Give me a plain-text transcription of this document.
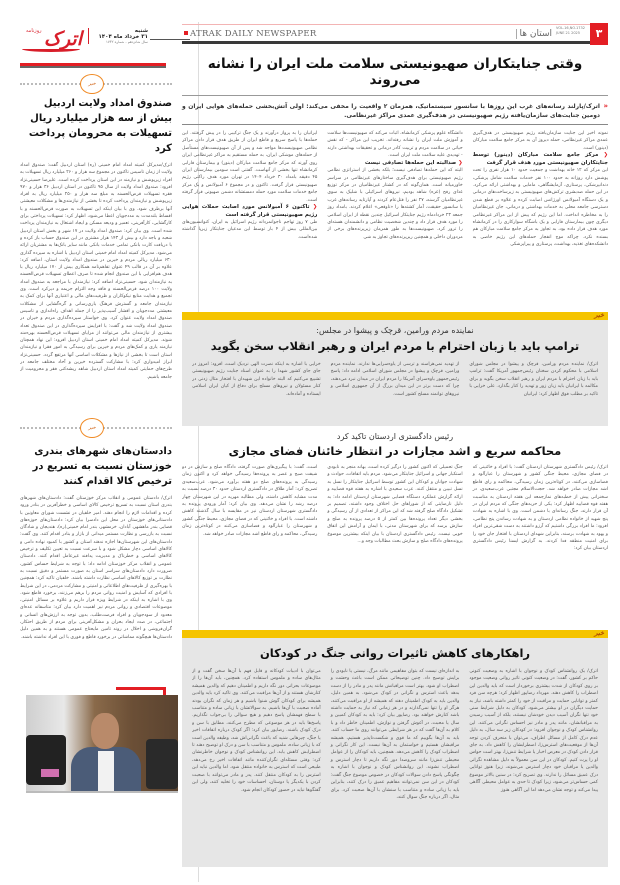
ATRAK DAILY NEWSPAPER	استان ها
VOL.16,NO.1732
JUNE 21 2025	۳
وقتی جنایتکاران صهیونیستی سلامت ملت ایران را نشانه می‌روند
«
اترک/پارلند رسانه‌های غرب این روزها با سانسور سیستماتیک، همزمان ۲ واقعیت را مخفی می‌کند: اولی آتش‌بخشی حمله‌های هوایی ایران و دومین جنایت‌های سازمان‌یافته رژیم صهیونیستی در هدف‌گیری عمدی مراکز غیرنظامی.
نمونه اخیر این جنایت سازمان‌یافته رژیم صهیونیستی در هدف‌گیری عمدی مراکز غیرنظامی، حمله دیروز آن به مرکز جامع سلامت مبارکان (دینور) است.
❮ مرکز جامع سلامت مبارکان (دینور) توسط جنایتکاران صهیونیستی مورد هدف قرار گرفت
این مرکز که ۱۲ خانه بهداشت و جمعیت حدود ۱۰ هزار نفری را تحت پوشش دارد روزانه به حدود ۱۰۰ نفر خدمات سلامت شامل پزشکی، دندانپزشکی، پرستاری، آزمایشگاهی، مامایی و بهداشتی ارائه می‌کرد. در این حمله ضدبشری ترکش‌های صهیونیستی به زیرساخت‌های درمانی و یک دستگاه آمبولانس اورژانس اصابت کرده و علاوه بر قطع شدن دسترسی جامعه محلی به خدمات بهداشتی و درمانی، جان غیرنظامیان را به مخاطره انداخت. اما این رژیم که پیش از این مراکز غیرنظامی دیگری چون بیمارستان فارابی و یک باشگاه سوارکاری را در کرمانشاه مورد هدف قرار داده بود، به تجاوز به مرکز جامع سلامت مبارکان هم بسنده نکرد. چراکه موج انفجار حمله‌های این رژیم خاصی به دانشکده‌های تغذیه، بهداشت، پرستاری و پیراپزشکی
دانشگاه علوم پزشکی کرمانشاه، اثبات می‌کند که صهیونیست‌ها سلامت و آموزش ملت ایران را نشانه رفته‌اند. تخریب این مراکز - که نقش حیاتی در سلامت مردم و تربیت کادر درمانی و تحقیقات بهداشتی دارند - تهدیدی علیه سلامت ملت ایران است.
❮ صدالبته این حمله‌ها تصادفی نیست
البته که این حمله‌ها تصادفی نیست؛ بلکه بخشی از استراتژی نظامی رژیم صهیونیستی برای هدف‌گیری ساختارهای غیرنظامی در سراسر خاورمیانه است. همان‌گونه که در کشتار غیرنظامیان در مرکز توزیع غذای رفح (غزه) شاهد بودیم، نیروهای اسرائیلی با شلیک به سوی غیرنظامیان گرسنه، ۲۷ نفر را قتل‌عام کردند و آپارتاید رسانه‌های غرب با سانسور حقیقت، آمار کشته‌ها را «ناوقعی» اعلام کردند. بامداد روز جمعه ۲۳ خردادماه رژیم جنایتکار اسرائیل چندین نقطه از ایران اسلامی را مورد هدف قرار داد و چندین شخصیت نظامی و دانشمندان هسته‌ای را ترور کرد. صهیونیست‌ها به طور همزمان زیرپرنده‌های برخی از مزدوران داخلی و همچنین ریزپرنده‌های تجاوز به شی
ایرانیان را به پرواز درآورند و یک جنگ ترکیبی را در پیش گرفتند. این حمله‌ها با پاسخ سریع و قاطع ایران از طریق هدف قرار دادن مراکز نظامی صهیونیست‌ها مواجه شد و پس از آن صهیونیست‌های مستأصل از حمله‌های موشکی ایران، به حمله مستقیم به مراکز غیرنظامی ایران روی آورند که مرکز جامع سلامت مبارکان (دینور) و بیمارستان فارابی کرمانشاه تنها بخشی از آنهاست. گفتنی است سومین بیمارستان ایران ۴۵ دقیقه بامداد ۳۰ خرداد ۱۴۰۴ در تهران مورد هدف راکتی رژیم صهیونیستی قرار گرفت. تاکنون و در مجموع ۶ آمبولانس و یک مرکز جامع خدمات سلامت مورد حمله دمستشانه دشمن صهیونی قرار گرفته است.
❮ تاکنون ۶ آمبولانس مورد اصابت حملات هوایی رژیم صهیونیستی قرار گرفته است
طی ۷ روز تهاجم ناجوانمردانه رژیم اسرائیل به ایران، کنوانسیون‌های بین‌المللی بیش از ۴ بار توسط این مدعیان جنایتکار زیرپا گذاشته شده‌است.
خبر
نماینده مردم ورامین، قرچک و پیشوا در مجلس:
ترامپ باید با زبان احترام با مردم ایران و رهبر انقلاب سخن بگوید
اترک/ نماینده مردم ورامین، قرچک و پیشوا در مجلس شورای اسلامی با محکوم کردن سخنان رئیس‌جمهور آمریکا گفت: ترامپ باید با زبان احترام با مردم ایران و رهبر انقلاب سخن بگوید و برای مکالمه با ایرانیان باید زبان زور و تهدید را کنار بگذارد. علی خزایی با تاکید بر مطلب فوق اظهار کرد: ایرانیان
از تهدید نمی‌هراسند و ترسی از یاوه‌سرایی‌ها ندارند. نماینده مردم ورامین، قرچک و پیشوا در مجلس شورای اسلامی ادامه داد: پاسخ رئیس‌جمهور یاوه‌سرای آمریکا را مردم ایران در میدان نبرد می‌دهند، چرا که دست برتر در این میدان بزرگ از آن جمهوری اسلامی و نیروهای توانمند مسلح کشور است.
خزایی با اشاره به اینکه نصرت الهی نزدیک است، افزود: امروز در جای جای کشور شهدا را به عنوان اسناد جنایت رژیم صهیونیستی تشییع می‌کنیم که البته خانواده این شهیدان با افتخار مثال زدنی در کنار مسئولان و نیروهای مسلح برای دفاع از کیان ایران اسلامی ایستاده و آماده‌اند.
رئیس دادگستری اردستان تاکید کرد
محاکمه سریع و اشد مجازات در انتظار خائنان فضای مجازی
اترک/ رئیس دادگستری شهرستان اردستان گفت: با افراد و خائنینی که در فضای مجازی، محیط جنگی کشور و شهرستان را عبارآلود و فضاسازی می‌کنند، در کوتاه‌ترین زمان رسیدگی، محاکمه و رای قاطع اشد مجازات صادر خواهد شد. حجت‌الاسلام مجتبی عرب‌سعیدی، در سخنرانی پیش از خطبه‌های نمازجمعه این هفته اردستان به مناسبت هفته قوه قضاییه اظهار کرد: یکی از حربه‌های جنگی که مردم ایران در آن قرار دارند، جنگ رسانه‌ای با دشمن است. وی با اشاره به شهادت پنج شهید از خانواده نظامی اردستان و به شهادت رساندن پنج نظامی، افزود: ما افراد بزرگی داشتیم که آرزو داشتند به دست شقی‌ترین افراد و یهود به شهادت برسند، بنابراین شهدای اردستان با افتخار جان خود را برای امنیت منطقه فدا کردند. به گزارش ایسنا رئیس دادگستری اردستان بیان کرد:
جنگ تحمیلی که اکنون کشور را درگیر کرده است، بهانه منجر به نابودی استکبار جهانی و اسرائیل جنایتکار می‌شود. مردم باید اتفاقات، حوادث و شهادت جوانان و کودکان این کشور توسط اسرائیل جنایتکار را نسل به نسل تبیین و منتقل کنند. عرب سعیدی با اشاره به هفته قوه قضاییه و ارائه گزارش عملکرد دستگاه قضایی شهرستان اردستان ادامه داد: به دلیل نارضایتی که از شوراهای حل اختلاف وجود داشته، تصمیم بر تشکیل دادگاه صلح گرفته شد که این مراکز از تعدادی از آن رسیدگی و بخشی دیگر تعداد پرونده‌ها بین کمتر از ۵ درصد پرونده به صلح و سازش برسد که برای شهرستان مدنی، با ایمان و آرامش این اتفاق خوبی نیست. رئیس دادگستری اردستان با بیان اینکه بیشترین موضوع پرونده‌های دادگاه صلح و سازش بحث مطالبات وجه و...
است، گفت: با پیگیری‌های صورت گرفته، دادگاه صلح و سازش در دو شیفت صبح و عصر به پرونده‌ها رسیدگی خواهد کرد و اکنون زمان رسیدگی به پرونده‌های صلح دو هفته برآورد می‌شود. عرب‌سعیدی تصریح کرد: آمار طلاق در دادگستری اردستان حدود ۳۰ درصد نسبت به مدت مشابه کاهش داشته، ولی مطالبه مهریه در این شهرستان چهار درصد رشد را نشان می‌دهد. وی بیان کرد: آمار ورودی پرونده به دادگستری شهرستان اردستان نیز در مقایسه با سال گذشته کاهش داشته است. با افراد و خائنینی که در فضای مجازی، محیط جنگی کشور و شهرستان را عبارآلود و فضاسازی می‌کنند در کوتاه‌ترین زمان رسیدگی، محاکمه و رای قاطع اشد مجازات صادر خواهد شد.
خبر
راهکارهای کاهش تاثیرات روانی جنگ در کودکان
اترک/ یک روانشناس کودک و نوجوان با اشاره به وضعیت کنونی حاکم بر کشور، گفت: در وضعیت کنونی تاثیر روانی وضعیت موجود بر روی کودکان از شدت بیشتری برخوردار است که باید والدین این اضطراب را کاهش دهند. مهرداد رضاپور اظهار کرد: هرچه سن فرد کمتر و توانایی حمایت و مراقبت از خود را کمتر داشته باشد، نیاز به حمایت دیگران در او بیشتر می‌شود. کودکان به دلیل شرایط سنی خود تنها نگران آسیب دیدن خودشان نیستند، بلکه از آسیب رسیدن به مراقبانشان، مانند پدر و مادر نیز احساس نگرانی می‌کنند. این روانشناس کودک و نوجوان افزود: در کودکان زیر سه سال، به دلیل عدم درک کامل از مسائل اطراف، می‌توان با منحرف کردن توجه آن‌ها از موقعیت‌های استرس‌زا، اضطرابشان را کاهش داد. به جای قرار دادن کودک در معرض اخبار یا شرایط تنش‌زا، بهتر است حواس او را پرت کنیم. کودکان در این سن معمولاً به دلیل مشاهده نگرانی والدین یا مراقبان خود دچار استرس می‌شوند، زیرا هنوز توانایی درک عمیق مسائل را ندارند. وی تصریح کرد: در سنین بالاتر موضوع کمی حساس‌تر می‌شود، زیرا کودک تا حدی به عوامل محیطی آگاهی پیدا می‌کند و توجه نشان می‌دهد اما این آگاهی هنوز
به اندازه‌ای نیست که بتوان مفاهیمی مانند مرگ، نیستی یا نابودی را برایش توضیح داد. چنین توضیحاتی ممکن است باعث وحشت و اضطراب او شود. بهتر است مراقبانش مانند پدر و مادر را از دست بدهد باعث استرس و نگرانی در کودک می‌شود. به همین دلیل، والدین باید به کودک اطمینان دهند که همیشه از او مراقبت می‌کنند، هرگز او را تنها نمی‌گذارند و در هر زمانی که نیاز به حمایت داشته باشد کنارش خواهند بود. رضاپور بیان کرد: باید به کودکان کمبین و سال یا محبت، در آغوش گرفتن و نوازش، اطمینان خاطر داد و با کلام به آن‌ها گفت که در هر شرایطی می‌توانند روی ما حساب کنند. باید به آن‌ها بگوییم که ما قوی و شکست‌ناپذیر هستیم، همیشه مراقبشان هستیم و خواستمان به آن‌ها نیست. این کار نگرانی و اضطراب کودک را کاهش می‌دهد. همچنین، باید کودکان را از عوامل محیطی تنش‌زا مانند سروصدا دور نگه داریم تا دچار استرس و اضطراب نشوند. این روانشناس کودک و نوجوان با اشاره به چگونگی پاسخ دادن سوالات کودکان در خصوص موضوع جنگ گفت: کودکان در این سن نمی‌توانند مفاهیم عمیق را درک کنند، بنابراین باید با زبانی ساده و متناسب با سنشان با آن‌ها صحبت کرد. برای مثال، اگر درباره جنگ سوال کنند،
می‌توان با ادبیات کودکانه و قابل فهم با آن‌ها سخن گفت و از مثال‌های ساده و ملموس استفاده کرد. همچنین، باید آن‌ها را از موضوعات بحرانی دور نگه داریم و اطمینان دهیم که والدین همیشه کنارشان هستند و از آن‌ها مراقبت می‌کنند. وی تاکید کرد باید والدین همیشه برای کودکان گوش شنوا باشیم و هر زمان که نگران بودند آماده صحبت با آن‌ها باشیم. به سوالاتشان با زبانی ساده و متناسب با سطح فهمشان پاسخ دهیم و هیچ سوالی را بی‌جواب نگذاریم. پاسخ‌ها باید در هر موضوعی که مطرح می‌کنند، مطابق با سن و درک کودک باشند. رضاپور بیان کرد: اگر کودک درباره اتفاقات اخیر یا جنگ، چیزهایی شنید که باعث نگرانی‌اش شد، وظیفه والدین است که با زبانی ساده، ملموس و متناسب با سن و درک او توضیح دهند تا اضطرابش کاهش یابد. این روانشناس کودک و نوجوان خاطرنشان کرد: وقتی مسئله‌ای نگران‌کننده مانند اتفاقات اخیر رخ می‌دهد، طبیعی است که استرس به خانواده منتقل شود. اما والدین نباید این استرس را به کودکان منتقل کنند. پدر و مادر می‌توانند با صحبت کردن با یکدیگر یا دوستان، احساسات خود را تخلیه کنند، ولی این گفتگوها نباید در حضور کودکان انجام شود.
روزنامه اترک	شنبه
۳۱ خرداد ماه ۱۴۰۴
سال شانزدهم - شماره ۱۷۳۲
خبر
صندوق امداد ولایت اردبیل بیش از سه هزار میلیارد ریال تسهیلات به محرومان پرداخت کرد
اترک/مدیرکل کمیته امداد امام خمینی (ره) استان اردبیل گفت: صندوق امداد ولایت از زمان تاسیس تاکنون در مجموع سه هزار و ۲۶۰ میلیارد ریال تسهیلات به افراد زیرپوشش و نیازمند در این استان پرداخت کرده است. علیرضا حسینی‌نژاد افزود: صندوق امداد ولایت از سال ۹۵ تاکنون در استان اردبیل ۳۶ هزار و ۹۷۰ فقره تسهیلات قرض‌الحسنه به مبلغ سه هزار و ۲۵۰ میلیارد ریال به افراد زیرپوشش و نیازمندان پرداخت کرده تا بخشی از نیازمندی‌ها و مشکلات معیشتی آنها برطرف شود. وی با بیان اینکه این تسهیلات به صورت قرض‌الحسنه و با اقساط بلندمدت به مددجویان اعطا می‌شود، اظهار کرد: تسهیلات پرداختی برای کارگشایی، کارآفرینی، تعمیر و ودیعه مسکن و ایجاد اشتغال به نیازمندان پرداخت شده است. وی بیان کرد: صندوق امداد ولایت در ۱۷ شهر و بخش استان اردبیل شعبه و باجه دارد و بیش از ۱۴۳ هزار مشتری در این صندوق حساب باز کرده و با دریافت کارت بانکی تمامی خدمات بانکی مانند سایر بانک‌ها به مشتریان ارائه می‌شود. مدیرکل کمیته امداد امام خمینی استان اردبیل با اشاره به سپرده گذاری ۶۳۰ میلیارد ریالی مردم و خیرین در صندوق امداد ولایت استان، اضافه کرد: علاوه بر آن در قالب ۴۹ عنوان تفاهم‌نامه همکاری بیش از ۱۷۰ میلیارد ریال با هدف هم‌افزایی با این صندوق انجام شده تا صرف اعطای تسهیلات قرض‌الحسنه به نیازمندان شود. حسینی‌نژاد اضافه کرد: نیازمندان با مراجعه به صندوق امداد ولایت ۱۰۰ درصد قرض‌الحسنه و فاقد وجه التزام جریمه و دیرکرد است. وی تجمیع و هدایت منابع نیکوکاران و ظرفیت‌های مالی و اعتباری آنها برای کمک به نیازمندان جامعه و گسترش فرهنگ یاری‌رسانی و گره‌گشایی از مشکلات معیشتی مددجویان و اقشار آسیب‌پذیر را از جمله اهداف راه‌اندازی و تاسیس صندوق امداد ولایت عنوان کرد. وی خواستار سپرده‌گذاری مردم و خیران در صندوق امداد ولایت شد و گفت: با افزایش سپرده‌گذاری در این صندوق تعداد بیشتری از نیازمندان مالی می‌توانند از مزایای تسهیلات قرض‌الحسنه بهره‌مند شوند. مدیرکل کمیته امداد امام خمینی استان اردبیل افزود: این نهاد همچنان نیازمند یاری و کمک‌های مردم و خیرین برای رسیدگی به امور فقرا و نیازمندان استان است تا بخشی از نیازها و مشکلات اساسی آنها مرتفع گردد. حسینی‌نژاد ابراز امیدواری کرد: با مشارکت گسترده خیرین و آحاد مختلف جامعه در طرح‌های حمایتی کمیته امداد استان اردبیل شاهد ریشه‌کنی فقر و محرومیت از جامعه باشیم.
خبر
دادستان‌های شهرهای بندری خوزستان نسبت به تسریع در ترخیص کالا اقدام کنند
اترک/ دادستان عمومی و انقلاب مرکز خوزستان گفت: دادستان‌های شهرهای بندری استان نسبت به تسریع ترخیص کالای اساسی و خطرآفرین در بنادر ورود کرده و اقدامات لازم را انجام دهند. امیر خلفیان در نشست شورای معاونین با دادستانی‌های خوزستان در محل این دادسرا بیان کرد: دادستان‌های حوزه‌های قضایی بندر ماهشهر، آبادان، خرمشهر، بندر امام خمینی(ره)، هندیجان و شادگان نسبت به بازرسی و نظارت مستمر میدانی از بازار و بنادر اقدام کنند. وی گفت: دادستان‌های این شهرستان‌ها اجازه ندهند استان و کشور با کمبود نهاده دامی و کالاهای اساسی دچار مشکل شود و با سرعت نسبت به تعیین تکلیف و ترخیص کالاهای اساسی و خطرناک و مدیریت پدافند غیرعامل اقدام کنند. دادستان عمومی و انقلاب مرکز خوزستان ادامه داد: با توجه به شرایط حساس کشور، ضرورت دارد دادستان‌های سراسر استان به صورت مستمر و دقیق نسبت به نظارت بر توزیع کالاهای اساسی نظارت داشته باشند. خلفیان تاکید کرد: همچنین با بهره‌گیری از ظرفیت‌های اطلاعاتی و امنیتی و مشارکت مردمی، در این شرایط با افرادی که آسایش و امنیت روانی مردم را برهم می‌زنند، برخورد قاطع شود. وی با اشاره به اینکه در شرایط ویژه قرار داریم و علاوه بر مسائل امنیتی، موضوعات اقتصادی و روانی مردم نیز اهمیت دارد بیان کرد: متاسفانه عده‌ای معدود از سودجویان و افراد فرصت‌طلب، بدون توجه به ارزش‌های انسانی و اجتماعی، در صدد ایجاد بحران و مشکل‌آفرینی برای مردم از طریق احتکار، گران‌فروشی و اخلال در روند تامین مایحتاج عمومی هستند و به همین دلیل دادستان‌ها هیچگونه مماشاتی در برخورد قاطع و فوری با این افراد نداشته باشند.
